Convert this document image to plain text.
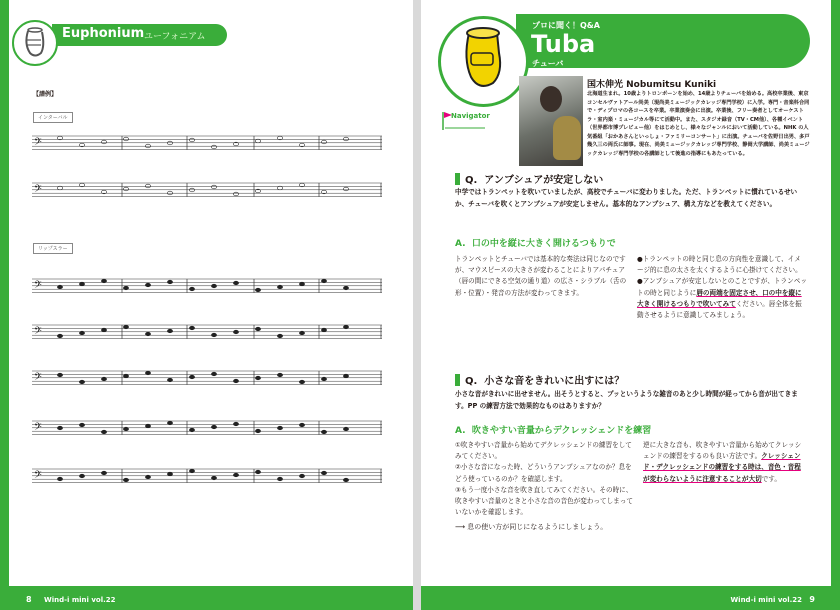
Euphonium ユーフォニアム
【譜例】
インターバル
リップスラー
𝄢
𝄢
𝄢
𝄢
𝄢
𝄢
𝄢
8 Wind-i mini vol.22
プロに聞く！Q&A
Tuba
チューバ
Navigator
国木伸光 Nobumitsu Kuniki
北海道生まれ。10歳よりトロンボーンを始め、14歳よりチューバを始める。高校卒業後、東京コンセルヴァトアール尚美（現尚美ミュージックカレッジ専門学校）に入学。専門・音楽科合同で・ディプロマの各コースを卒業。卒業演奏会に出演。卒業後、フリー奏者としてオーケストラ・室内楽・ミュージカル等にて活動中。また、スタジオ録音（TV・CM他）、各種イベント（世界都市博プレビュー他）をはじめとし、様々なジャンルにおいて活動している。NHK の人気番組「おかあさんといっしょ・ファミリーコンサート」に出演。チューバを佐野日出男、多戸幾久三の両氏に師事。現在、尚美ミュージックカレッジ専門学校、静岡大学講師、尚美ミュージックカレッジ専門学校の各講師として後進の指導にもあたっている。
Q. アンブシュアが安定しない
中学ではトランペットを吹いていましたが、高校でチューバに変わりました。ただ、トランペットに慣れているせいか、チューバを吹くとアンブシュアが安定しません。基本的なアンブシュア、構え方などを教えてください。
A. 口の中を縦に大きく開けるつもりで

トランペットとチューバでは基本的な奏法は同じなのですが、マウスピースの大きさが変わることによりアパチュア（唇の間にできる空気の通り道）の広さ・シラブル（舌の形・位置）・発音の方法が変わってきます。

●トランペットの時と同じ息の方向性を意識して、イメージ的に息の太さを太くするように心掛けてください。

●アンブシュアが安定しないとのことですが、トランペットの時と同じように唇の両端を固定させ、口の中を縦に大きく開けるつもりで吹いてみてください。唇全体を振動させるように意識してみましょう。

Q. 小さな音をきれいに出すには？
小さな音がきれいに出せません。出そうとすると、プッというような雑音のあと少し時間が経ってから音が出てきます。PP の練習方法で効果的なものはありますか？
A. 吹きやすい音量からデクレッシェンドを練習

①吹きやすい音量から始めてデクレッシェンドの練習をしてみてください。

②小さな音になった時、どういうアンブシュアなのか？息をどう使っているのか？を確認します。

③もう一度小さな音を吹き直してみてください。その時に、吹きやすい音量のときと小さな音の音色が変わってしまっていないかを確認します。

⟶ 息の使い方が同じになるようにしましょう。

逆に大きな音も、吹きやすい音量から始めてクレッシェンドの練習をするのも良い方法です。クレッシェンド・デクレッシェンドの練習をする時は、音色・音程が変わらないように注意することが大切です。

Wind-i mini vol.22 9
